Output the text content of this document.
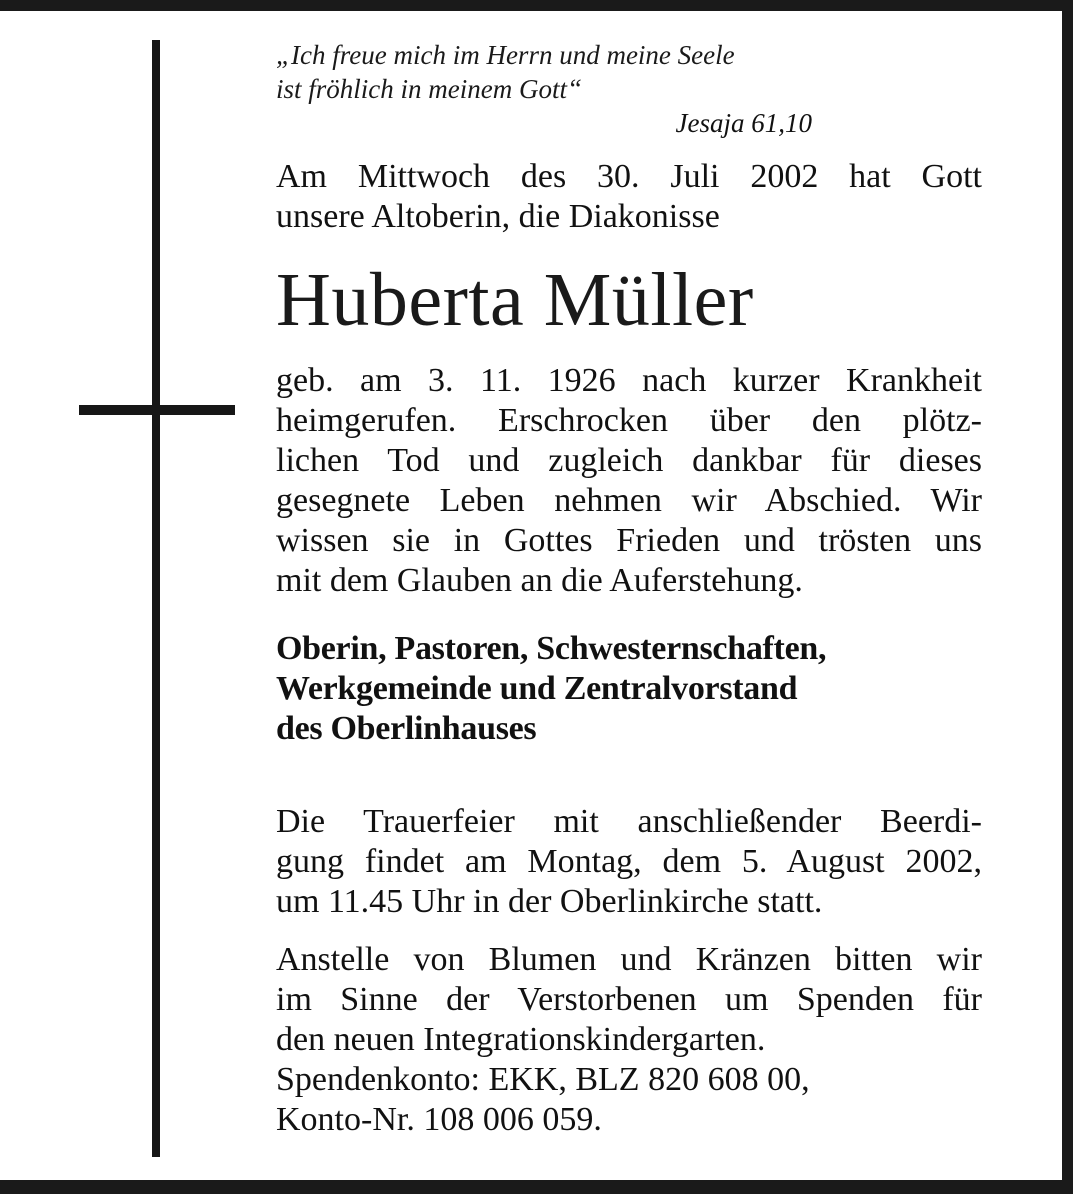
„Ich freue mich im Herrn und meine Seele
ist fröhlich in meinem Gott“
Jesaja 61,10
Am Mittwoch des 30. Juli 2002 hat Gott
unsere Altoberin, die Diakonisse
Huberta Müller
geb. am 3. 11. 1926 nach kurzer Krankheit
heimgerufen. Erschrocken über den plötz-
lichen Tod und zugleich dankbar für dieses
gesegnete Leben nehmen wir Abschied. Wir
wissen sie in Gottes Frieden und trösten uns
mit dem Glauben an die Auferstehung.
Oberin, Pastoren, Schwesternschaften,
Werkgemeinde und Zentralvorstand
des Oberlinhauses
Die Trauerfeier mit anschließender Beerdi-
gung findet am Montag, dem 5. August 2002,
um 11.45 Uhr in der Oberlinkirche statt.
Anstelle von Blumen und Kränzen bitten wir
im Sinne der Verstorbenen um Spenden für
den neuen Integrationskindergarten.
Spendenkonto: EKK, BLZ 820 608 00,
Konto-Nr. 108 006 059.
